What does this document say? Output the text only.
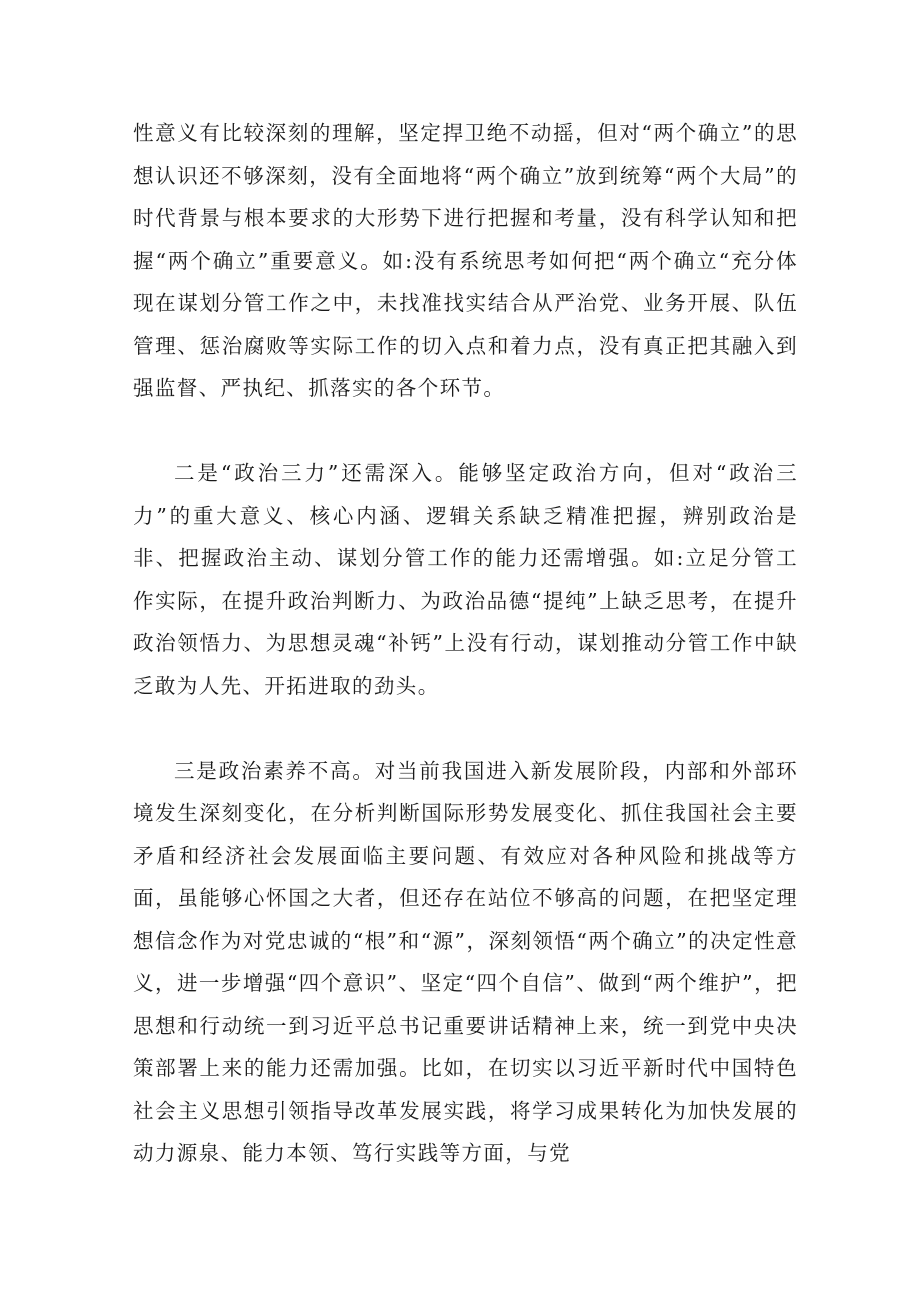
性意义有比较深刻的理解，坚定捍卫绝不动摇，但对“两个确立”的思想认识还不够深刻，没有全面地将“两个确立”放到统筹“两个大局”的时代背景与根本要求的大形势下进行把握和考量，没有科学认知和把握“两个确立”重要意义。如:没有系统思考如何把“两个确立“充分体现在谋划分管工作之中，未找准找实结合从严治党、业务开展、队伍管理、惩治腐败等实际工作的切入点和着力点，没有真正把其融入到强监督、严执纪、抓落实的各个环节。

二是“政治三力”还需深入。能够坚定政治方向，但对“政治三力”的重大意义、核心内涵、逻辑关系缺乏精准把握，辨别政治是非、把握政治主动、谋划分管工作的能力还需增强。如:立足分管工作实际，在提升政治判断力、为政治品德“提纯”上缺乏思考，在提升政治领悟力、为思想灵魂“补钙”上没有行动，谋划推动分管工作中缺乏敢为人先、开拓进取的劲头。

三是政治素养不高。对当前我国进入新发展阶段，内部和外部环境发生深刻变化，在分析判断国际形势发展变化、抓住我国社会主要矛盾和经济社会发展面临主要问题、有效应对各种风险和挑战等方面，虽能够心怀国之大者，但还存在站位不够高的问题，在把坚定理想信念作为对党忠诚的“根”和“源”，深刻领悟“两个确立”的决定性意义，进一步增强“四个意识”、坚定“四个自信”、做到“两个维护”，把思想和行动统一到习近平总书记重要讲话精神上来，统一到党中央决策部署上来的能力还需加强。比如，在切实以习近平新时代中国特色社会主义思想引领指导改革发展实践，将学习成果转化为加快发展的动力源泉、能力本领、笃行实践等方面，与党
